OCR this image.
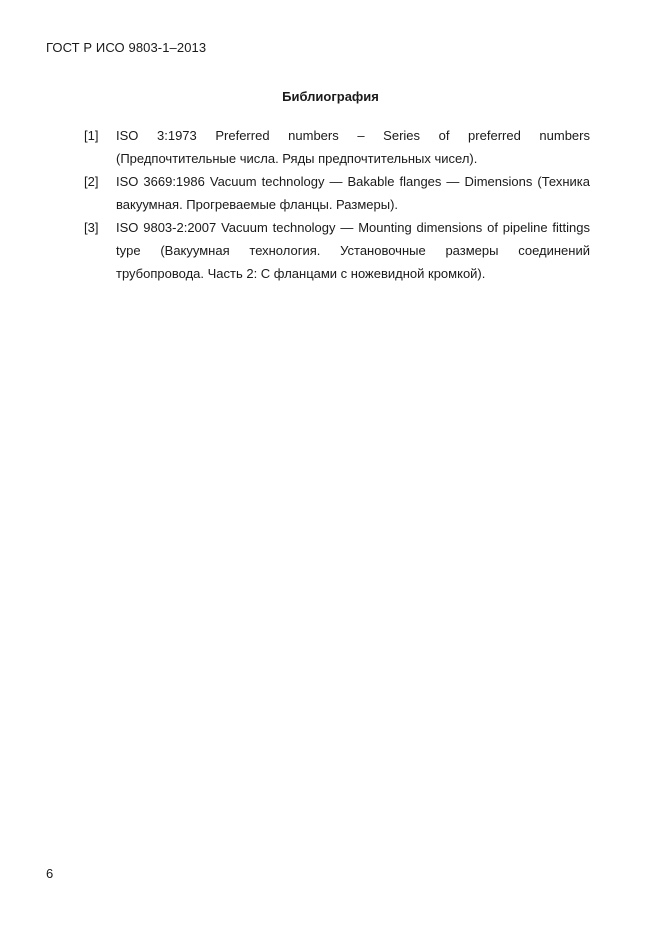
ГОСТ Р ИСО 9803-1–2013
Библиография
[1]	ISO 3:1973 Preferred numbers – Series of preferred numbers
(Предпочтительные числа. Ряды предпочтительных чисел).
[2]	ISO 3669:1986 Vacuum technology — Bakable flanges — Dimensions (Техника
вакуумная. Прогреваемые фланцы. Размеры).
[3]	ISO 9803-2:2007 Vacuum technology — Mounting dimensions of pipeline fittings
type (Вакуумная технология. Установочные размеры соединений
трубопровода. Часть 2: С фланцами с ножевидной кромкой).
6
